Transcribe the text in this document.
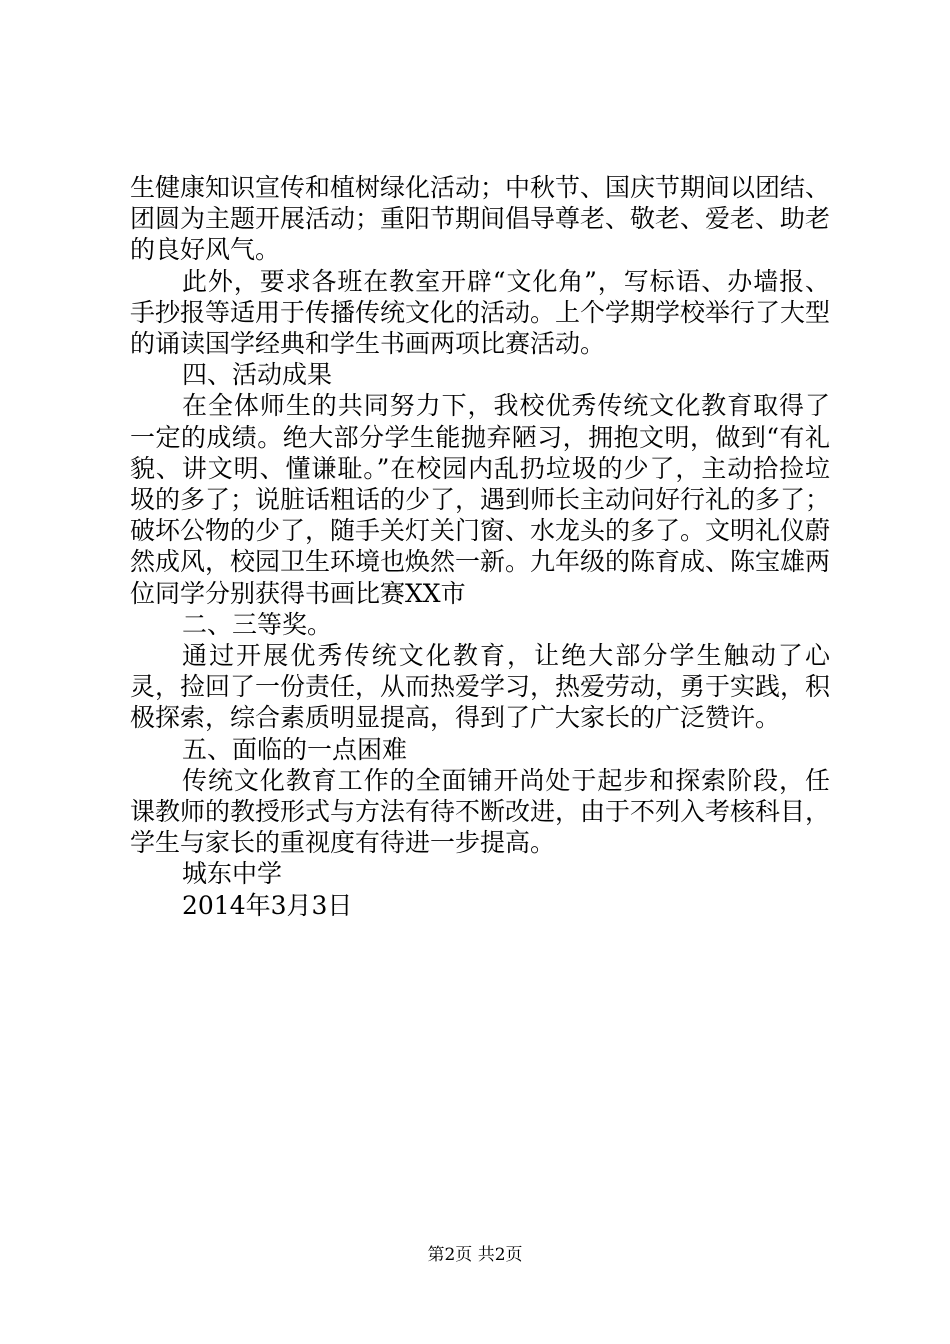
生健康知识宣传和植树绿化活动；中秋节、国庆节期间以团结、团圆为主题开展活动；重阳节期间倡导尊老、敬老、爱老、助老的良好风气。

此外，要求各班在教室开辟“文化角”，写标语、办墙报、手抄报等适用于传播传统文化的活动。上个学期学校举行了大型的诵读国学经典和学生书画两项比赛活动。

四、活动成果

在全体师生的共同努力下，我校优秀传统文化教育取得了一定的成绩。绝大部分学生能抛弃陋习，拥抱文明，做到“有礼貌、讲文明、懂谦耻。”在校园内乱扔垃圾的少了，主动拾捡垃圾的多了；说脏话粗话的少了，遇到师长主动问好行礼的多了；破坏公物的少了，随手关灯关门窗、水龙头的多了。文明礼仪蔚然成风，校园卫生环境也焕然一新。九年级的陈育成、陈宝雄两位同学分别获得书画比赛XX市

二、三等奖。

通过开展优秀传统文化教育，让绝大部分学生触动了心灵，捡回了一份责任，从而热爱学习，热爱劳动，勇于实践，积极探索，综合素质明显提高，得到了广大家长的广泛赞许。

五、面临的一点困难

传统文化教育工作的全面铺开尚处于起步和探索阶段，任课教师的教授形式与方法有待不断改进，由于不列入考核科目，学生与家长的重视度有待进一步提高。

城东中学

2014年3月3日

第2页 共2页
